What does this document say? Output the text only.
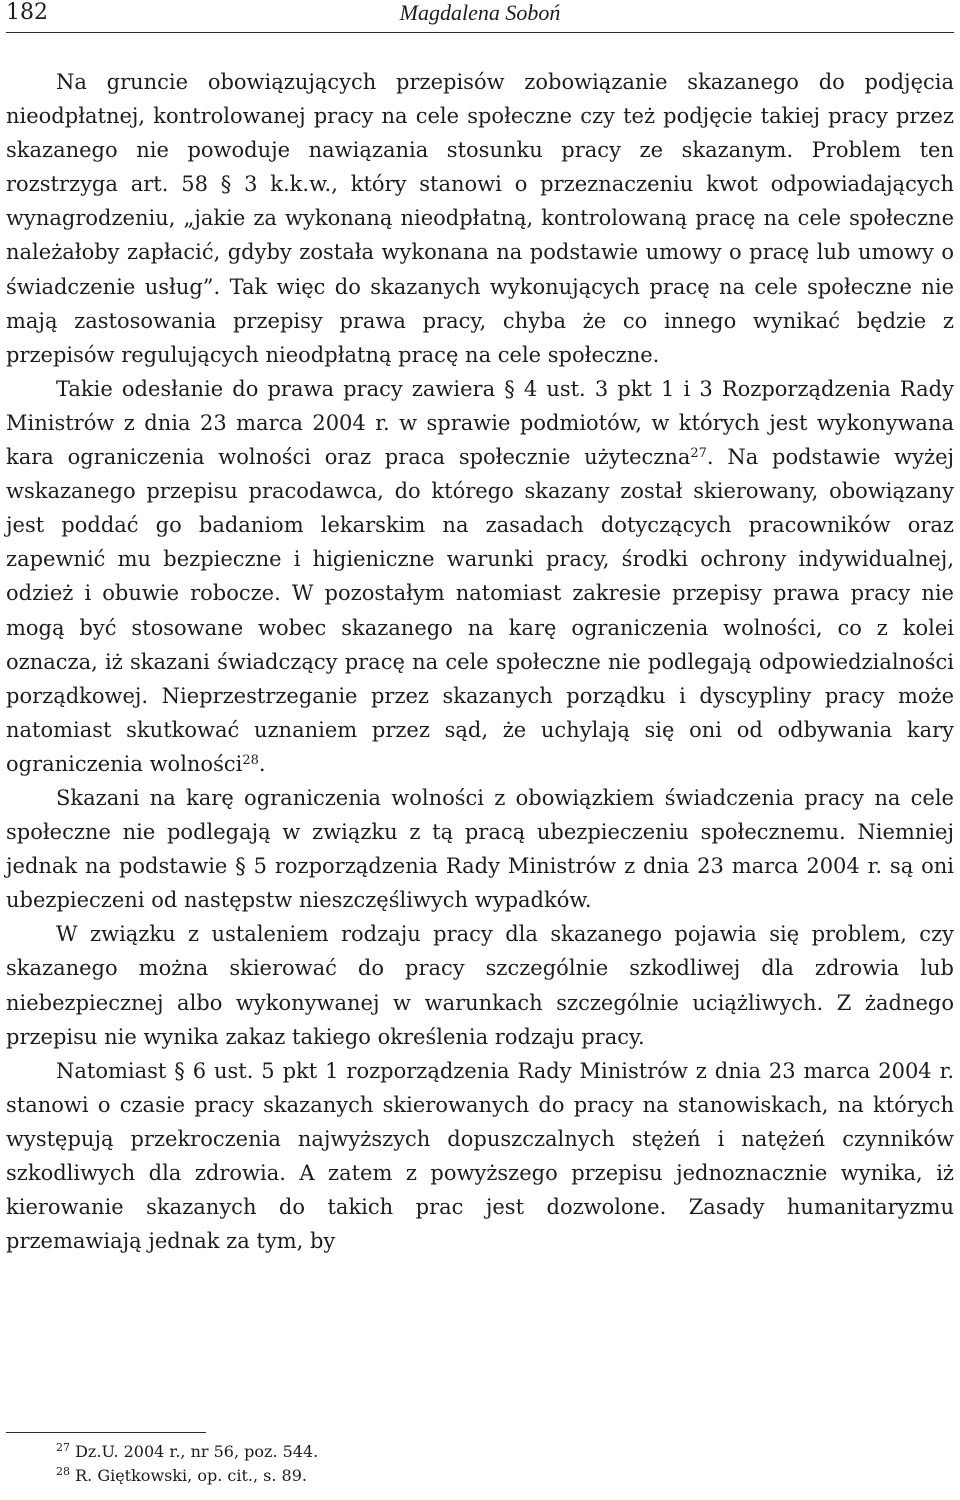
182	Magdalena Soboń

Na gruncie obowiązujących przepisów zobowiązanie skazanego do podjęcia nieodpłatnej, kontrolowanej pracy na cele społeczne czy też podjęcie takiej pracy przez skazanego nie powoduje nawiązania stosunku pracy ze skazanym. Problem ten rozstrzyga art. 58 § 3 k.k.w., który stanowi o przeznaczeniu kwot odpowiadających wynagrodzeniu, „jakie za wykonaną nieodpłatną, kontrolowaną pracę na cele społeczne należałoby zapłacić, gdyby została wykonana na podstawie umowy o pracę lub umowy o świadczenie usług”. Tak więc do skazanych wykonujących pracę na cele społeczne nie mają zastosowania przepisy prawa pracy, chyba że co innego wynikać będzie z przepisów regulujących nieodpłatną pracę na cele społeczne.

Takie odesłanie do prawa pracy zawiera § 4 ust. 3 pkt 1 i 3 Rozporządzenia Rady Ministrów z dnia 23 marca 2004 r. w sprawie podmiotów, w których jest wykonywana kara ograniczenia wolności oraz praca społecznie użyteczna$^{27}$. Na podstawie wyżej wskazanego przepisu pracodawca, do którego skazany został skierowany, obowiązany jest poddać go badaniom lekarskim na zasadach dotyczących pracowników oraz zapewnić mu bezpieczne i higieniczne warunki pracy, środki ochrony indywidualnej, odzież i obuwie robocze. W pozostałym natomiast zakresie przepisy prawa pracy nie mogą być stosowane wobec skazanego na karę ograniczenia wolności, co z kolei oznacza, iż skazani świadczący pracę na cele społeczne nie podlegają odpowiedzialności porządkowej. Nieprzestrzeganie przez skazanych porządku i dyscypliny pracy może natomiast skutkować uznaniem przez sąd, że uchylają się oni od odbywania kary ograniczenia wolności$^{28}$.

Skazani na karę ograniczenia wolności z obowiązkiem świadczenia pracy na cele społeczne nie podlegają w związku z tą pracą ubezpieczeniu społecznemu. Niemniej jednak na podstawie § 5 rozporządzenia Rady Ministrów z dnia 23 marca 2004 r. są oni ubezpieczeni od następstw nieszczęśliwych wypadków.

W związku z ustaleniem rodzaju pracy dla skazanego pojawia się problem, czy skazanego można skierować do pracy szczególnie szkodliwej dla zdrowia lub niebezpiecznej albo wykonywanej w warunkach szczególnie uciążliwych. Z żadnego przepisu nie wynika zakaz takiego określenia rodzaju pracy.

Natomiast § 6 ust. 5 pkt 1 rozporządzenia Rady Ministrów z dnia 23 marca 2004 r. stanowi o czasie pracy skazanych skierowanych do pracy na stanowiskach, na których występują przekroczenia najwyższych dopuszczalnych stężeń i natężeń czynników szkodliwych dla zdrowia. A zatem z powyższego przepisu jednoznacznie wynika, iż kierowanie skazanych do takich prac jest dozwolone. Zasady humanitaryzmu przemawiają jednak za tym, by

$^{27}$ Dz.U. 2004 r., nr 56, poz. 544.
$^{28}$ R. Giętkowski, op. cit., s. 89.
